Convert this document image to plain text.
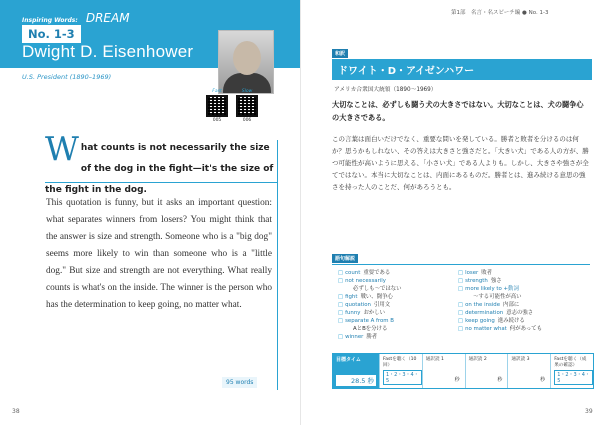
Inspiring Words: DREAM
No. 1-3
Dwight D. Eisenhower
U.S. President (1890–1969)
Fast
005
Slow
006
W hat counts is not necessarily the size of the dog in the fight—it's the size of the fight in the dog.
This quotation is funny, but it asks an important question: what separates winners from losers? You might think that the answer is size and strength. Someone who is a "big dog" seems more likely to win than someone who is a "little dog." But size and strength are not everything. What really counts is what's on the inside. The winner is the person who has the determination to keep going, no matter what.
95 words
38
第1部　名言・名スピーチ編 ● No. 1-3
和訳
ドワイト・D・アイゼンハワー
アメリカ合衆国大統領（1890～1969）
大切なことは、必ずしも闘う犬の大きさではない。大切なことは、犬の闘争心の大きさである。
この言葉は面白いだけでなく、重要な問いを発している。勝者と敗者を分けるのは何か？思うかもしれない、その答えは大きさと強さだと。「大きい犬」である人の方が、勝つ可能性が高いように思える、「小さい犬」である人よりも。しかし、大きさや強さが全てではない。本当に大切なことは、内面にあるものだ。勝者とは、進み続ける意思の強さを持った人のことだ、何があろうとも。
語句解説
□ count 重要である
□ not necessarily
必ずしも～ではない
□ fight 戦い、闘争心
□ quotation 引用文
□ funny おかしい
□ separate A from B
AとBを分ける
□ winner 勝者
□ loser 敗者
□ strength 強さ
□ more likely to +動詞
～する可能性が高い
□ on the inside 内部に
□ determination 意志の強さ
□ keep going 進み続ける
□ no matter what 何があっても
目標タイム
28.5 秒
Fastを聴く（10回）
1・2・3・4・5
通訳読 1
秒
通訳読 2
秒
通訳読 3
秒
Fastを聴く（成果の確認）
1・2・3・4・5
39
